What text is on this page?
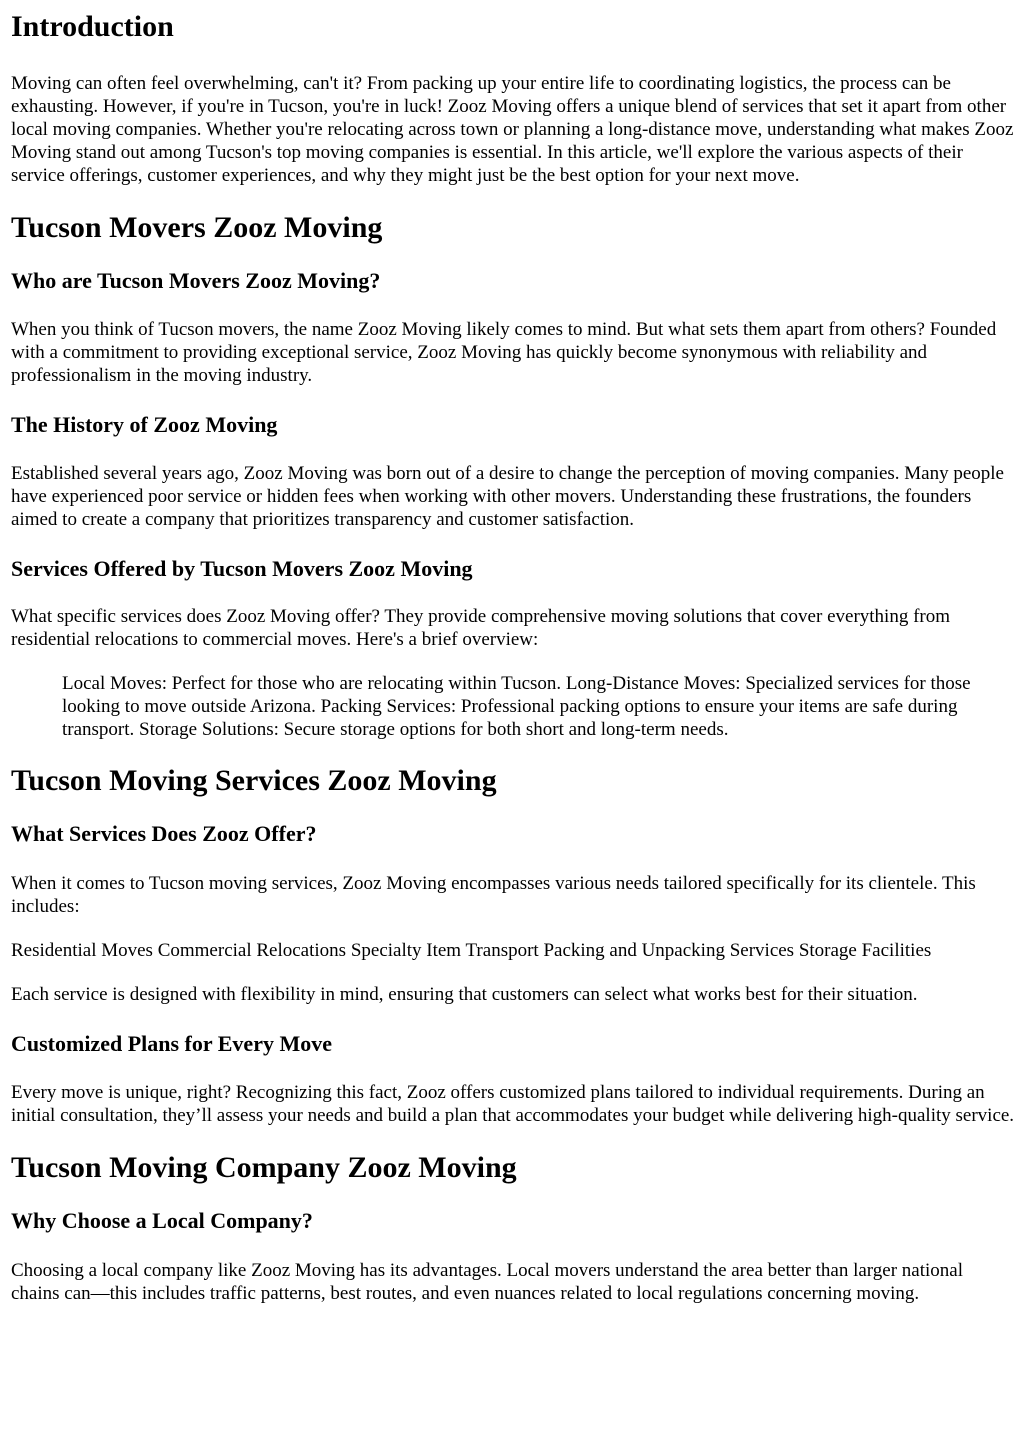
Introduction

Moving can often feel overwhelming, can't it? From packing up your entire life to coordinating logistics, the process can be exhausting. However, if you're in Tucson, you're in luck! Zooz Moving offers a unique blend of services that set it apart from other local moving companies. Whether you're relocating across town or planning a long-distance move, understanding what makes Zooz Moving stand out among Tucson's top moving companies is essential. In this article, we'll explore the various aspects of their service offerings, customer experiences, and why they might just be the best option for your next move.

Tucson Movers Zooz Moving
Who are Tucson Movers Zooz Moving?

When you think of Tucson movers, the name Zooz Moving likely comes to mind. But what sets them apart from others? Founded with a commitment to providing exceptional service, Zooz Moving has quickly become synonymous with reliability and professionalism in the moving industry.

The History of Zooz Moving

Established several years ago, Zooz Moving was born out of a desire to change the perception of moving companies. Many people have experienced poor service or hidden fees when working with other movers. Understanding these frustrations, the founders aimed to create a company that prioritizes transparency and customer satisfaction.

Services Offered by Tucson Movers Zooz Moving

What specific services does Zooz Moving offer? They provide comprehensive moving solutions that cover everything from residential relocations to commercial moves. Here's a brief overview:

Local Moves: Perfect for those who are relocating within Tucson. Long-Distance Moves: Specialized services for those looking to move outside Arizona. Packing Services: Professional packing options to ensure your items are safe during transport. Storage Solutions: Secure storage options for both short and long-term needs.
Tucson Moving Services Zooz Moving
What Services Does Zooz Offer?

When it comes to Tucson moving services, Zooz Moving encompasses various needs tailored specifically for its clientele. This includes:

Residential Moves Commercial Relocations Specialty Item Transport Packing and Unpacking Services Storage Facilities

Each service is designed with flexibility in mind, ensuring that customers can select what works best for their situation.

Customized Plans for Every Move

Every move is unique, right? Recognizing this fact, Zooz offers customized plans tailored to individual requirements. During an initial consultation, they’ll assess your needs and build a plan that accommodates your budget while delivering high-quality service.

Tucson Moving Company Zooz Moving
Why Choose a Local Company?

Choosing a local company like Zooz Moving has its advantages. Local movers understand the area better than larger national chains can—this includes traffic patterns, best routes, and even nuances related to local regulations concerning moving.
